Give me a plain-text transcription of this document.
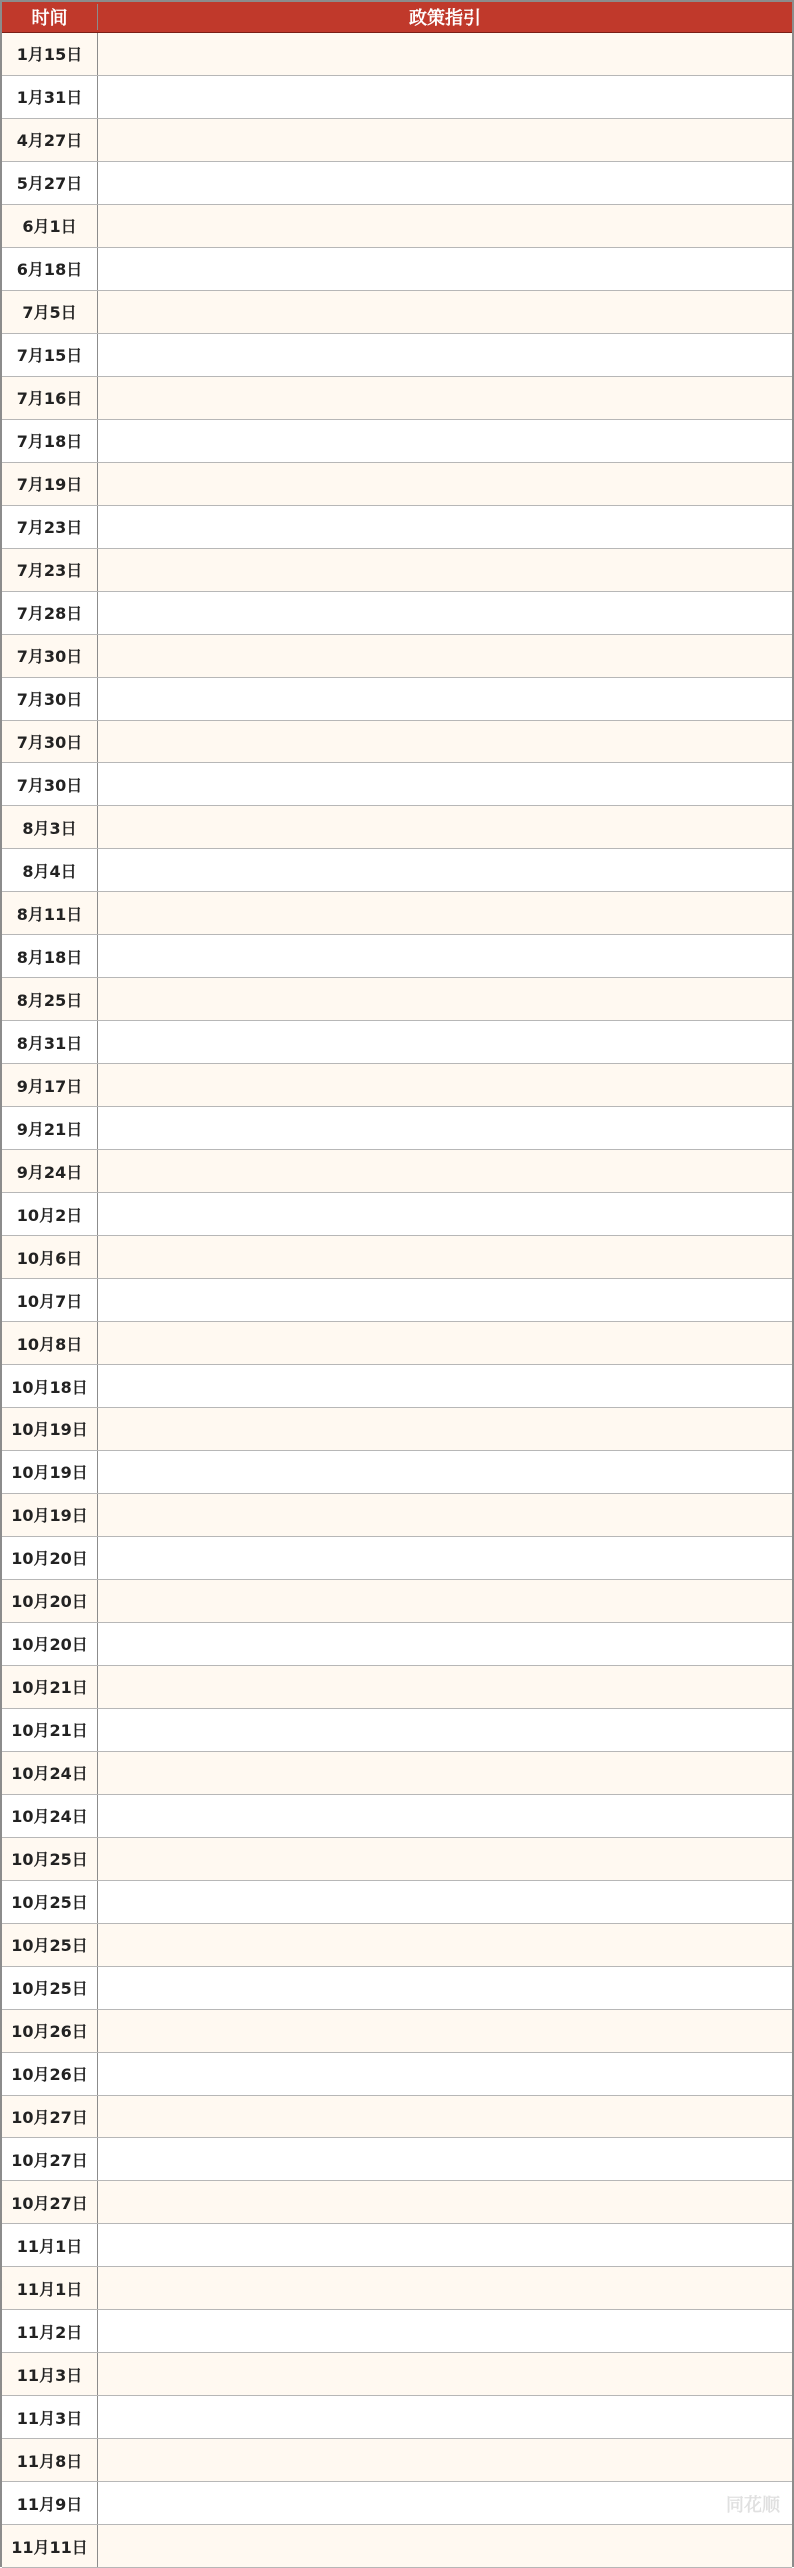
时间	政策指引
1月15日
1月31日
4月27日
5月27日
6月1日
6月18日
7月5日
7月15日
7月16日
7月18日
7月19日
7月23日
7月23日
7月28日
7月30日
7月30日
7月30日
7月30日
8月3日
8月4日
8月11日
8月18日
8月25日
8月31日
9月17日
9月21日
9月24日
10月2日
10月6日
10月7日
10月8日
10月18日
10月19日
10月19日
10月19日
10月20日
10月20日
10月20日
10月21日
10月21日
10月24日
10月24日
10月25日
10月25日
10月25日
10月25日
10月26日
10月26日
10月27日
10月27日
10月27日
11月1日
11月1日
11月2日
11月3日
11月3日
11月8日
11月9日
11月11日
